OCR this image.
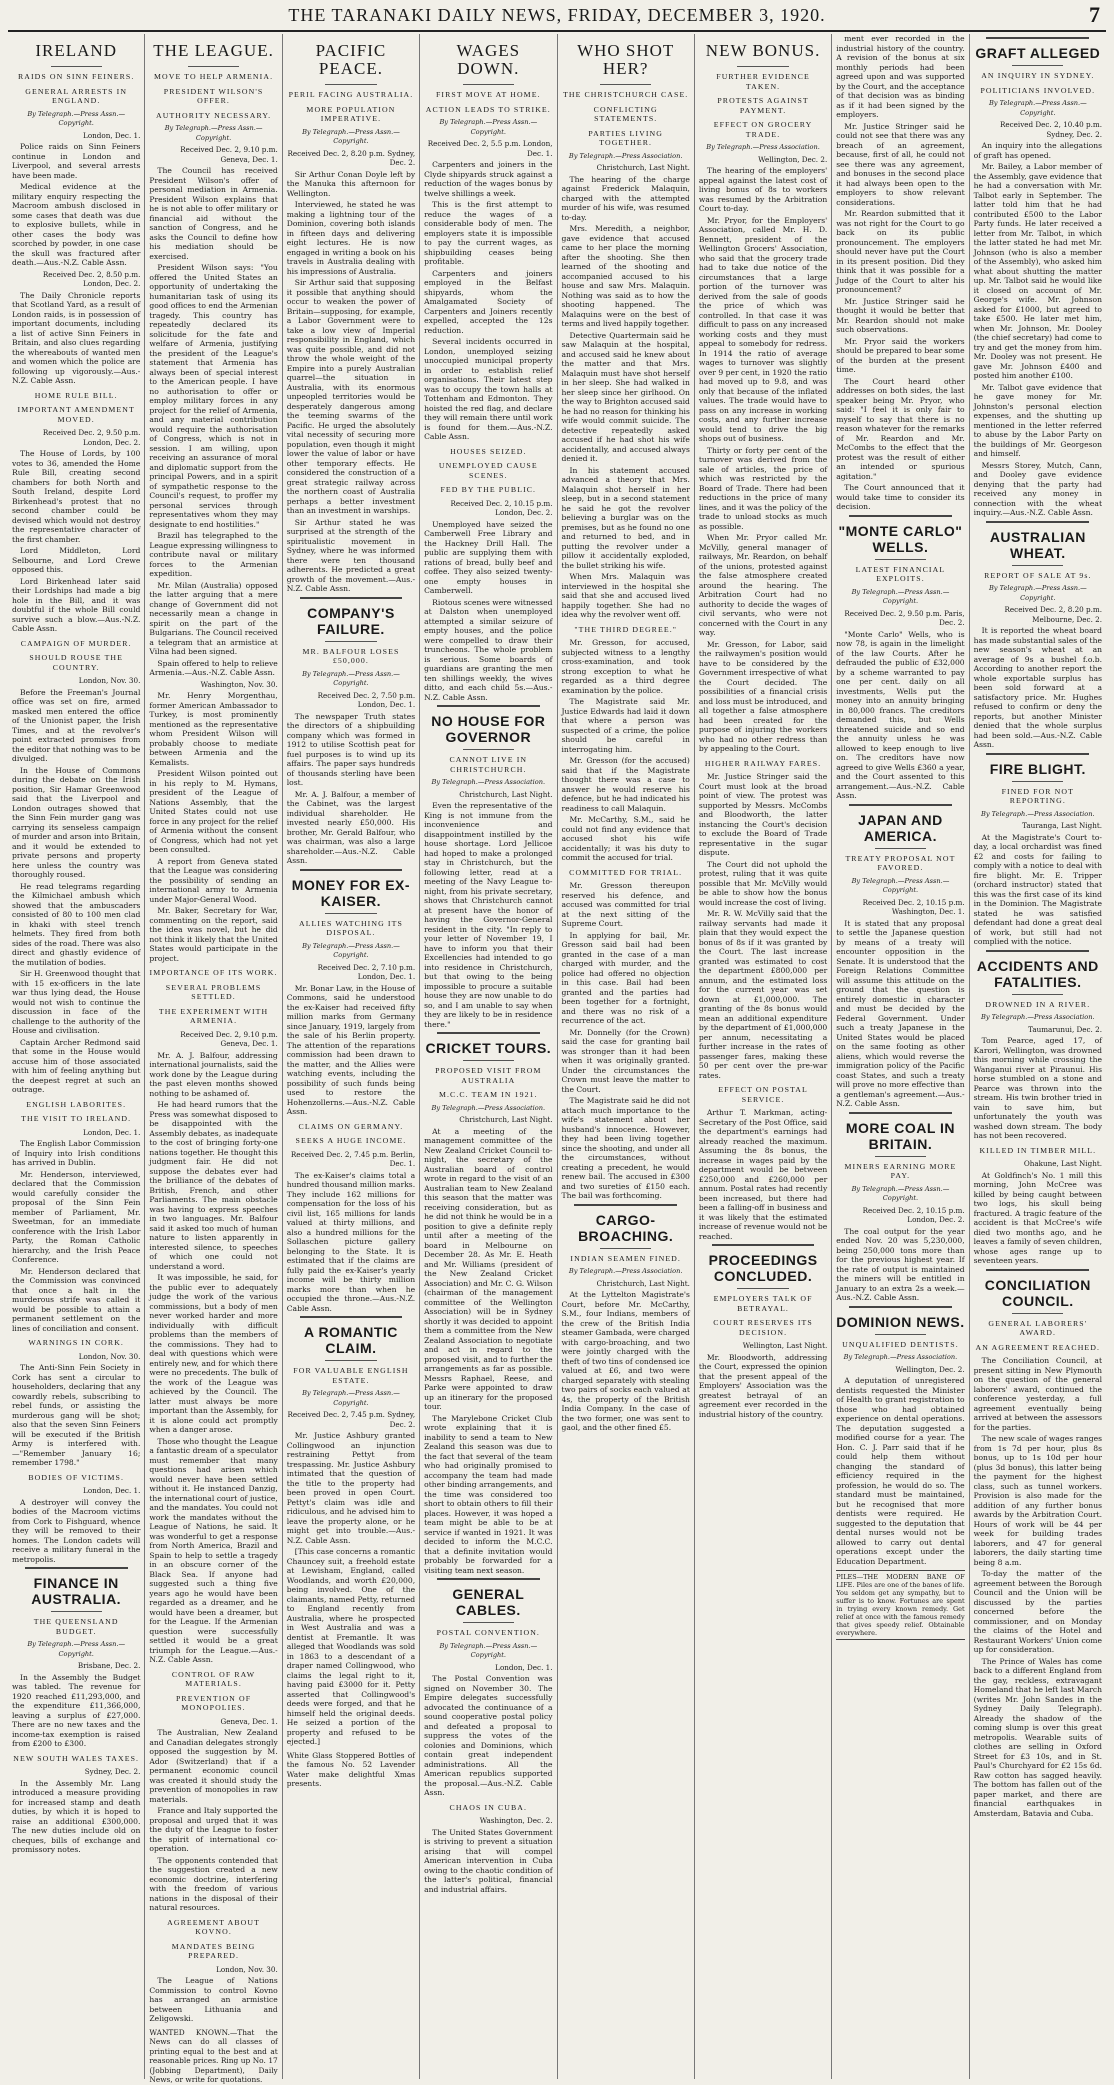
THE TARANAKI DAILY NEWS, FRIDAY, DECEMBER 3, 1920.	7
IRELAND
RAIDS ON SINN FEINERS.
GENERAL ARRESTS IN ENGLAND.
By Telegraph.—Press Assn.—Copyright.
London, Dec. 1.

Police raids on Sinn Feiners continue in London and Liverpool, and several arrests have been made.

Medical evidence at the military enquiry respecting the Macroom ambush disclosed in some cases that death was due to explosive bullets, while in other cases the body was scorched by powder, in one case the skull was fractured after death.—Aus.-N.Z. Cable Assn.

Received Dec. 2, 8.50 p.m. London, Dec. 2.

The Daily Chronicle reports that Scotland Yard, as a result of London raids, is in possession of important documents, including a list of active Sinn Feiners in Britain, and also clues regarding the whereabouts of wanted men and women which the police are following up vigorously.—Aus.-N.Z. Cable Assn.

HOME RULE BILL.
IMPORTANT AMENDMENT MOVED.
Received Dec. 2, 9.50 p.m. London, Dec. 2.

The House of Lords, by 100 votes to 36, amended the Home Rule Bill, creating second chambers for both North and South Ireland, despite Lord Birkenhead's protest that no second chamber could be devised which would not destroy the representative character of the first chamber.

Lord Middleton, Lord Selbourne, and Lord Crewe opposed this.

Lord Birkenhead later said their Lordships had made a big hole in the Bill, and it was doubtful if the whole Bill could survive such a blow.—Aus.-N.Z. Cable Assn.

CAMPAIGN OF MURDER.
SHOULD ROUSE THE COUNTRY.
London, Nov. 30.

Before the Freeman's Journal office was set on fire, armed masked men entered the office of the Unionist paper, the Irish Times, and at the revolver's point extracted promises from the editor that nothing was to be divulged.

In the House of Commons during the debate on the Irish position, Sir Hamar Greenwood said that the Liverpool and London outrages showed that the Sinn Fein murder gang was carrying its senseless campaign of murder and arson into Britain, and it would be extended to private persons and property here unless the country was thoroughly roused.

He read telegrams regarding the Kilmichael ambush which showed that the ambuscaders consisted of 80 to 100 men clad in khaki with steel trench helmets. They fired from both sides of the road. There was also direct and ghastly evidence of the mutilation of bodies.

Sir H. Greenwood thought that with 15 ex-officers in the late war thus lying dead, the House would not wish to continue the discussion in face of the challenge to the authority of the House and civilisation.

Captain Archer Redmond said that some in the House would accuse him of those associated with him of feeling anything but the deepest regret at such an outrage.

ENGLISH LABORITES.
THE VISIT TO IRELAND.
London, Dec. 1.

The English Labor Commission of Inquiry into Irish conditions has arrived in Dublin.

Mr. Henderson, interviewed, declared that the Commission would carefully consider the proposal of the Sinn Fein member of Parliament, Mr. Sweetman, for an immediate conference with the Irish Labor Party, the Roman Catholic hierarchy, and the Irish Peace Conference.

Mr. Henderson declared that the Commission was convinced that once a halt in the murderous strife was called it would be possible to attain a permanent settlement on the lines of conciliation and consent.

WARNINGS IN CORK.
London, Nov. 30.

The Anti-Sinn Fein Society in Cork has sent a circular to householders, declaring that any cowardly rebels, subscribing to rebel funds, or assisting the murderous gang will be shot; also that the seven Sinn Feiners will be executed if the British Army is interfered with. —"Remember January 16; remember 1798."

BODIES OF VICTIMS.
London, Dec. 1.

A destroyer will convey the bodies of the Macroom victims from Cork to Fishguard, whence they will be removed to their homes. The London cadets will receive a military funeral in the metropolis.

FINANCE IN AUSTRALIA.
THE QUEENSLAND BUDGET.
By Telegraph.—Press Assn.—Copyright.
Brisbane, Dec. 2.

In the Assembly the Budget was tabled. The revenue for 1920 reached £11,293,000, and the expenditure £11,366,000, leaving a surplus of £27,000. There are no new taxes and the income-tax exemption is raised from £200 to £300.

NEW SOUTH WALES TAXES.
Sydney, Dec. 2.

In the Assembly Mr. Lang introduced a measure providing for increased stamp and death duties, by which it is hoped to raise an additional £300,000. The new duties include old on cheques, bills of exchange and promissory notes.

THE LEAGUE.
MOVE TO HELP ARMENIA.
PRESIDENT WILSON'S OFFER.
AUTHORITY NECESSARY.
By Telegraph.—Press Assn.—Copyright.
Received Dec. 2, 9.10 p.m. Geneva, Dec. 1.

The Council has received President Wilson's offer of personal mediation in Armenia. President Wilson explains that he is not able to offer military or financial aid without the sanction of Congress, and he asks the Council to define how his mediation should be exercised.

President Wilson says: "You offered the United States an opportunity of undertaking the humanitarian task of using its good offices to end the Armenian tragedy. This country has repeatedly declared its solicitude for the fate and welfare of Armenia, justifying the president of the League's statement that Armenia has always been of special interest to the American people. I have no authorisation to offer or employ military forces in any project for the relief of Armenia, and any material contribution would require the authorisation of Congress, which is not in session. I am willing, upon receiving an assurance of moral and diplomatic support from the principal Powers, and in a spirit of sympathetic response to the Council's request, to proffer my personal services through representatives whom they may designate to end hostilities."

Brazil has telegraphed to the League expressing willingness to contribute naval or military forces to the Armenian expedition.

Mr. Milan (Australia) opposed the latter arguing that a mere change of Government did not necessarily mean a change in spirit on the part of the Bulgarians. The Council received a telegram that an armistice at Vilna had been signed.

Spain offered to help to relieve Armenia.—Aus.-N.Z. Cable Assn.

Washington, Nov. 30.

Mr. Henry Morgenthau, former American Ambassador to Turkey, is most prominently mentioned as the representative whom President Wilson will probably choose to mediate between Armenia and the Kemalists.

President Wilson pointed out in his reply to M. Hymans, president of the League of Nations Assembly, that the United States could not use force in any project for the relief of Armenia without the consent of Congress, which had not yet been consulted.

A report from Geneva stated that the League was considering the possibility of sending an international army to Armenia under Major-General Wood.

Mr. Baker, Secretary for War, commenting on the report, said the idea was novel, but he did not think it likely that the United States would participate in the project.

IMPORTANCE OF ITS WORK.
SEVERAL PROBLEMS SETTLED.
THE EXPERIMENT WITH ARMENIA.
Received Dec. 2, 9.10 p.m. Geneva, Dec. 1.

Mr. A. J. Balfour, addressing international journalists, said the work done by the League during the past eleven months showed nothing to be ashamed of.

He had heard rumors that the Press was somewhat disposed to be disappointed with the Assembly debates, as inadequate to the cost of bringing forty-one nations together. He thought this judgment fair. He did not suppose the debates ever had the brilliance of the debates of British, French, and other Parliaments. The main obstacle was having to express speeches in two languages. Mr. Balfour said it asked too much of human nature to listen apparently in interested silence, to speeches of which one could not understand a word.

It was impossible, he said, for the public ever to adequately judge the work of the various commissions, but a body of men never worked harder and more individually with difficult problems than the members of the commissions. They had to deal with questions which were entirely new, and for which there were no precedents. The bulk of the work of the League was achieved by the Council. The latter must always be more important than the Assembly, for it is alone could act promptly when a danger arose.

Those who thought the League a fantastic dream of a speculator must remember that many questions had arisen which would never have been settled without it. He instanced Danzig, the international court of justice, and the mandates. You could not work the mandates without the League of Nations, he said. It was wonderful to get a response from North America, Brazil and Spain to help to settle a tragedy in an obscure corner of the Black Sea. If anyone had suggested such a thing five years ago he would have been regarded as a dreamer, and he would have been a dreamer, but for the League. If the Armenian question were successfully settled it would be a great triumph for the League.—Aus.-N.Z. Cable Assn.

CONTROL OF RAW MATERIALS.
PREVENTION OF MONOPOLIES.
Geneva, Dec. 1.

The Australian, New Zealand and Canadian delegates strongly opposed the suggestion by M. Ador (Switzerland) that if a permanent economic council was created it should study the prevention of monopolies in raw materials.

France and Italy supported the proposal and urged that it was the duty of the League to foster the spirit of international co-operation.

The opponents contended that the suggestion created a new economic doctrine, interfering with the freedom of various nations in the disposal of their natural resources.

AGREEMENT ABOUT KOVNO.
MANDATES BEING PREPARED.
London, Nov. 30.

The League of Nations Commission to control Kovno has arranged an armistice between Lithuania and Zeligowski.

WANTED KNOWN.—That the News can do all classes of printing equal to the best and at reasonable prices. Ring up No. 17 (Jobbing Department), Daily News, or write for quotations.
PACIFIC PEACE.
PERIL FACING AUSTRALIA.
MORE POPULATION IMPERATIVE.
By Telegraph.—Press Assn.—Copyright.
Received Dec. 2, 8.20 p.m. Sydney, Dec. 2.

Sir Arthur Conan Doyle left by the Manuka this afternoon for Wellington.

Interviewed, he stated he was making a lightning tour of the Dominion, covering both islands in fifteen days and delivering eight lectures. He is now engaged in writing a book on his travels in Australia dealing with his impressions of Australia.

Sir Arthur said that supposing it possible that anything should occur to weaken the power of Britain—supposing, for example, a Labor Government were to take a low view of Imperial responsibility in England, which was quite possible, and did not throw the whole weight of the Empire into a purely Australian quarrel—the situation in Australia, with its enormous unpeopled territories would be desperately dangerous among the teeming swarms of the Pacific. He urged the absolutely vital necessity of securing more population, even though it might lower the value of labor or have other temporary effects. He considered the construction of a great strategic railway across the northern coast of Australia perhaps a better investment than an investment in warships.

Sir Arthur stated he was surprised at the strength of the spiritualistic movement in Sydney, where he was informed there were ten thousand adherents. He predicted a great growth of the movement.—Aus.-N.Z. Cable Assn.

COMPANY'S FAILURE.
MR. BALFOUR LOSES £50,000.
By Telegraph.—Press Assn.—Copyright.
Received Dec. 2, 7.50 p.m. London, Dec. 1.

The newspaper Truth states the directors of a shipbuilding company which was formed in 1912 to utilise Scottish peat for fuel purposes is to wind up its affairs. The paper says hundreds of thousands sterling have been lost.

Mr. A. J. Balfour, a member of the Cabinet, was the largest individual shareholder. He invested nearly £50,000. His brother, Mr. Gerald Balfour, who was chairman, was also a large shareholder.—Aus.-N.Z. Cable Assn.

MONEY FOR EX-KAISER.
ALLIES WATCHING ITS DISPOSAL.
By Telegraph.—Press Assn.—Copyright.
Received Dec. 2, 7.10 p.m. London, Dec. 1.

Mr. Bonar Law, in the House of Commons, said he understood the ex-Kaiser had received fifty million marks from Germany since January, 1919, largely from the sale of his Berlin property. The attention of the reparations commission had been drawn to the matter, and the Allies were watching events, including the possibility of such funds being used to restore the Hohenzollerns.—Aus.-N.Z. Cable Assn.

CLAIMS ON GERMANY.
SEEKS A HUGE INCOME.
Received Dec. 2, 7.45 p.m. Berlin, Dec. 1.

The ex-Kaiser's claims total a hundred thousand million marks. They include 162 millions for compensation for the loss of his civil list, 165 millions for lands valued at thirty millions, and also a hundred millions for the Sollaschen picture gallery belonging to the State. It is estimated that if the claims are fully paid the ex-Kaiser's yearly income will be thirty million marks more than when he occupied the throne.—Aus.-N.Z. Cable Assn.

A ROMANTIC CLAIM.
FOR VALUABLE ENGLISH ESTATE.
By Telegraph.—Press Assn.—Copyright.
Received Dec. 2, 7.45 p.m. Sydney, Dec. 2.

Mr. Justice Ashbury granted Collingwood an injunction restraining Pettyt from trespassing. Mr. Justice Ashbury intimated that the question of the title to the property had been proved in open Court. Pettyt's claim was idle and ridiculous, and he advised him to leave the property alone, or he might get into trouble.—Aus.-N.Z. Cable Assn.

[This case concerns a romantic Chauncey suit, a freehold estate at Lewisham, England, called Woodlands, and worth £20,000, being involved. One of the claimants, named Petty, returned to England recently from Australia, where he prospected in West Australia and was a dentist at Fremantle. It was alleged that Woodlands was sold in 1863 to a descendant of a draper named Collingwood, who claims the legal right to it, having paid £3000 for it. Petty asserted that Collingwood's deeds were forged, and that he himself held the original deeds. He seized a portion of the property and refused to be ejected.]

White Glass Stoppered Bottles of the famous No. 52 Lavender Water make delightful Xmas presents.
WAGES DOWN.
FIRST MOVE AT HOME.
ACTION LEADS TO STRIKE.
By Telegraph.—Press Assn.—Copyright.
Received Dec. 2, 5.5 p.m. London, Dec. 1.

Carpenters and joiners in the Clyde shipyards struck against a reduction of the wages bonus by twelve shillings a week.

This is the first attempt to reduce the wages of a considerable body of men. The employers state it is impossible to pay the current wages, as shipbuilding ceases being profitable.

Carpenters and joiners employed in the Belfast shipyards, whom the Amalgamated Society of Carpenters and Joiners recently expelled, accepted the 12s reduction.

Several incidents occurred in London, unemployed seizing unoccupied municipal property in order to establish relief organisations. Their latest step was to occupy the town halls at Tottenham and Edmonton. They hoisted the red flag, and declare they will remain there until work is found for them.—Aus.-N.Z. Cable Assn.

HOUSES SEIZED.
UNEMPLOYED CAUSE SCENES.
FED BY THE PUBLIC.
Received Dec. 2, 10.15 p.m. London, Dec. 2.

Unemployed have seized the Camberwell Free Library and the Hackney Drill Hall. The public are supplying them with rations of bread, bully beef and coffee. They also seized twenty-one empty houses in Camberwell.

Riotous scenes were witnessed at Dalston when unemployed attempted a similar seizure of empty houses, and the police were compelled to draw their truncheons. The whole problem is serious. Some boards of guardians are granting the men ten shillings weekly, the wives ditto, and each child 5s.—Aus.-N.Z. Cable Assn.

NO HOUSE FOR GOVERNOR
CANNOT LIVE IN CHRISTCHURCH.
By Telegraph.—Press Association.
Christchurch, Last Night.

Even the representative of the King is not immune from the inconvenience and disappointment instilled by the house shortage. Lord Jellicoe had hoped to make a prolonged stay in Christchurch, but the following letter, read at a meeting of the Navy League to-night, from his private secretary, shows that Christchurch cannot at present have the honor of having the Governor-General resident in the city. "In reply to your letter of November 19, I have to inform you that their Excellencies had intended to go into residence in Christchurch, but that owing to the being impossible to procure a suitable house they are now unable to do so, and I am unable to say when they are likely to be in residence there."

CRICKET TOURS.
PROPOSED VISIT FROM AUSTRALIA
M.C.C. TEAM IN 1921.
By Telegraph.—Press Association.
Christchurch, Last Night.

At a meeting of the management committee of the New Zealand Cricket Council to-night, the secretary of the Australian board of control wrote in regard to the visit of an Australian team to New Zealand this season that the matter was receiving consideration, but as he did not think he would be in a position to give a definite reply until after a meeting of the board in Melbourne on December 28. As Mr. E. Heath and Mr. Williams (president of the New Zealand Cricket Association) and Mr. C. G. Wilson (chairman of the management committee of the Wellington Association) will be in Sydney shortly it was decided to appoint them a committee from the New Zealand Association to negotiate and act in regard to the proposed visit, and to further the arrangements as far as possible. Messrs Raphael, Reese, and Parke were appointed to draw up an itinerary for the proposed tour.

The Marylebone Cricket Club wrote explaining that it is inability to send a team to New Zealand this season was due to the fact that several of the team who had originally promised to accompany the team had made other binding arrangements, and the time was considered too short to obtain others to fill their places. However, it was hoped a team might be able to be at service if wanted in 1921. It was decided to inform the M.C.C. that a definite invitation would probably be forwarded for a visiting team next season.

GENERAL CABLES.
POSTAL CONVENTION.
By Telegraph.—Press Assn.—Copyright.
London, Dec. 1.

The Postal Convention was signed on November 30. The Empire delegates successfully advocated the continuance of a sound cooperative postal policy and defeated a proposal to suppress the votes of the colonies and Dominions, which contain great independent administrations. All the American republics supported the proposal.—Aus.-N.Z. Cable Assn.

CHAOS IN CUBA.
Washington, Dec. 2.

The United States Government is striving to prevent a situation arising that will compel American intervention in Cuba owing to the chaotic condition of the latter's political, financial and industrial affairs.

WHO SHOT HER?
THE CHRISTCHURCH CASE.
CONFLICTING STATEMENTS.
PARTIES LIVING TOGETHER.
By Telegraph.—Press Association.
Christchurch, Last Night.

The hearing of the charge against Frederick Malaquin, charged with the attempted murder of his wife, was resumed to-day.

Mrs. Meredith, a neighbor, gave evidence that accused came to her place the morning after the shooting. She then learned of the shooting and accompanied accused to his house and saw Mrs. Malaquin. Nothing was said as to how the shooting happened. The Malaquins were on the best of terms and lived happily together.

Detective Quartermain said he saw Malaquin at the hospital, and accused said he knew about the matter and that Mrs. Malaquin must have shot herself in her sleep. She had walked in her sleep since her girlhood. On the way to Brighton accused said he had no reason for thinking his wife would commit suicide. The detective repeatedly asked accused if he had shot his wife accidentally, and accused always denied it.

In his statement accused advanced a theory that Mrs. Malaquin shot herself in her sleep, but in a second statement he said he got the revolver believing a burglar was on the premises, but as he found no one and returned to bed, and in putting the revolver under a pillow it accidentally exploded, the bullet striking his wife.

When Mrs. Malaquin was interviewed in the hospital she said that she and accused lived happily together. She had no idea why the revolver went off.

"THE THIRD DEGREE."

Mr. Gresson, for accused, subjected witness to a lengthy cross-examination, and took strong exception to what he regarded as a third degree examination by the police.

The Magistrate said Mr. Justice Edwards had laid it down that where a person was suspected of a crime, the police should be careful in interrogating him.

Mr. Gresson (for the accused) said that if the Magistrate thought there was a case to answer he would reserve his defence, but he had indicated his readiness to call Malaquin.

Mr. McCarthy, S.M., said he could not find any evidence that accused shot his wife accidentally; it was his duty to commit the accused for trial.

COMMITTED FOR TRIAL.

Mr. Gresson thereupon reserved his defence, and accused was committed for trial at the next sitting of the Supreme Court.

In applying for bail, Mr. Gresson said bail had been granted in the case of a man charged with murder, and the police had offered no objection in this case. Bail had been granted and the parties had been together for a fortnight, and there was no risk of a recurrence of the act.

Mr. Donnelly (for the Crown) said the case for granting bail was stronger than it had been when it was originally granted. Under the circumstances the Crown must leave the matter to the Court.

The Magistrate said he did not attach much importance to the wife's statement about her husband's innocence. However, they had been living together since the shooting, and under all the circumstances, without creating a precedent, he would renew bail. The accused in £300 and two sureties of £150 each. The bail was forthcoming.

CARGO-BROACHING.
INDIAN SEAMEN FINED.
By Telegraph.—Press Association.
Christchurch, Last Night.

At the Lyttelton Magistrate's Court, before Mr. McCarthy, S.M., four Indians, members of the crew of the British India steamer Gambada, were charged with cargo-broaching, and two were jointly charged with the theft of two tins of condensed ice valued at £6, and two were charged separately with stealing two pairs of socks each valued at 4s, the property of the British India Company. In the case of the two former, one was sent to gaol, and the other fined £5.

NEW BONUS.
FURTHER EVIDENCE TAKEN.
PROTESTS AGAINST PAYMENT.
EFFECT ON GROCERY TRADE.
By Telegraph.—Press Association.
Wellington, Dec. 2.

The hearing of the employers' appeal against the latest cost of living bonus of 8s to workers was resumed by the Arbitration Court to-day.

Mr. Pryor, for the Employers' Association, called Mr. H. D. Bennett, president of the Wellington Grocers' Association, who said that the grocery trade had to take due notice of the circumstances that a large portion of the turnover was derived from the sale of goods the price of which was controlled. In that case it was difficult to pass on any increased working costs and they must appeal to somebody for redress. In 1914 the ratio of average wages to turnover was slightly over 9 per cent, in 1920 the ratio had moved up to 9.8, and was only that because of the inflated values. The trade would have to pass on any increase in working costs, and any further increase would tend to drive the big shops out of business.

Thirty or forty per cent of the turnover was derived from the sale of articles, the price of which was restricted by the Board of Trade. There had been reductions in the price of many lines, and it was the policy of the trade to unload stocks as much as possible.

When Mr. Pryor called Mr. McVilly, general manager of railways, Mr. Reardon, on behalf of the unions, protested against the false atmosphere created around the hearing. The Arbitration Court had no authority to decide the wages of civil servants, who were not concerned with the Court in any way.

Mr. Gresson, for Labor, said the railwaymen's position would have to be considered by the Government irrespective of what the Court decided. The possibilities of a financial crisis and loss must be introduced, and all together a false atmosphere had been created for the purpose of injuring the workers who had no other redress than by appealing to the Court.

HIGHER RAILWAY FARES.

Mr. Justice Stringer said the Court must look at the broad point of view. The protest was supported by Messrs. McCombs and Bloodworth, the latter instancing the Court's decision to exclude the Board of Trade representative in the sugar dispute.

The Court did not uphold the protest, ruling that it was quite possible that Mr. McVilly would be able to show how the bonus would increase the cost of living.

Mr. R. W. McVilly said that the railway servants had made it plain that they would expect the bonus of 8s if it was granted by the Court. The last increase granted was estimated to cost the department £800,000 per annum, and the estimated loss for the current year was set down at £1,000,000. The granting of the 8s bonus would mean an additional expenditure by the department of £1,000,000 per annum, necessitating a further increase in the rates of passenger fares, making these 50 per cent over the pre-war rates.

EFFECT ON POSTAL SERVICE.

Arthur T. Markman, acting-Secretary of the Post Office, said the department's earnings had already reached the maximum. Assuming the 8s bonus, the increase in wages paid by the department would be between £250,000 and £260,000 per annum. Postal rates had recently been increased, but there had been a falling-off in business and it was likely that the estimated increase of revenue would not be reached.

PROCEEDINGS CONCLUDED.
EMPLOYERS TALK OF BETRAYAL.
COURT RESERVES ITS DECISION.
Wellington, Last Night.

Mr. Bloodworth, addressing the Court, expressed the opinion that the present appeal of the Employers' Association was the greatest betrayal of an agreement ever recorded in the industrial history of the country.

ment ever recorded in the industrial history of the country. A revision of the bonus at six monthly periods had been agreed upon and was supported by the Court, and the acceptance of that decision was as binding as if it had been signed by the employers.

Mr. Justice Stringer said he could not see that there was any breach of an agreement, because, first of all, he could not see there was any agreement, and bonuses in the second place it had always been open to the employers to show relevant considerations.

Mr. Reardon submitted that it was not right for the Court to go back on its public pronouncement. The employers should never have put the Court in its present position. Did they think that it was possible for a Judge of the Court to alter his pronouncement?

Mr. Justice Stringer said he thought it would be better that Mr. Reardon should not make such observations.

Mr. Pryor said the workers should be prepared to bear some of the burden at the present time.

The Court heard other addresses on both sides, the last speaker being Mr. Pryor, who said: "I feel it is only fair to myself to say that there is no reason whatever for the remarks of Mr. Reardon and Mr. McCombs to the effect that the protest was the result of either an intended or spurious agitation."

The Court announced that it would take time to consider its decision.

"MONTE CARLO" WELLS.
LATEST FINANCIAL EXPLOITS.
By Telegraph.—Press Assn.—Copyright.
Received Dec. 2, 9.50 p.m. Paris, Dec. 2.

"Monte Carlo" Wells, who is now 78, is again in the limelight of the law Courts. After he defrauded the public of £32,000 by a scheme warranted to pay one per cent. daily on all investments, Wells put the money into an annuity bringing in 80,000 francs. The creditors demanded this, but Wells threatened suicide and so end the annuity unless he was allowed to keep enough to live on. The creditors have now agreed to give Wells £360 a year, and the Court assented to this arrangement.—Aus.-N.Z. Cable Assn.

JAPAN AND AMERICA.
TREATY PROPOSAL NOT FAVORED.
By Telegraph.—Press Assn.—Copyright.
Received Dec. 2, 10.15 p.m. Washington, Dec. 1.

It is stated that any proposal to settle the Japanese question by means of a treaty will encounter opposition in the Senate. It is understood that the Foreign Relations Committee will assume this attitude on the ground that the question is entirely domestic in character and must be decided by the Federal Government. Under such a treaty Japanese in the United States would be placed on the same footing as other aliens, which would reverse the immigration policy of the Pacific coast States, and such a treaty will prove no more effective than a gentleman's agreement.—Aus.-N.Z. Cable Assn.

MORE COAL IN BRITAIN.
MINERS EARNING MORE PAY.
By Telegraph.—Press Assn.—Copyright.
Received Dec. 2, 10.15 p.m. London, Dec. 2.

The coal output for the year ended Nov. 20 was 5,230,000, being 250,000 tons more than for the previous highest year. If the rate of output is maintained the miners will be entitled in January to an extra 2s a week.—Aus.-N.Z. Cable Assn.

DOMINION NEWS.
UNQUALIFIED DENTISTS.
By Telegraph.—Press Association.
Wellington, Dec. 2.

A deputation of unregistered dentists requested the Minister of Health to grant registration to those who had obtained experience on dental operations. The deputation suggested a modified course for a year. The Hon. C. J. Parr said that if he could help them without changing the standard of efficiency required in the profession, he would do so. The standard must be maintained, but he recognised that more dentists were required. He suggested to the deputation that dental nurses would not be allowed to carry out dental operations except under the Education Department.

PILES—THE MODERN BANE OF LIFE. Piles are one of the banes of life. You seldom get any sympathy, but to suffer is to know. Fortunes are spent in trying every known remedy. Get relief at once with the famous remedy that gives speedy relief. Obtainable everywhere.
GRAFT ALLEGED
AN INQUIRY IN SYDNEY.
POLITICIANS INVOLVED.
By Telegraph.—Press Assn.—Copyright.
Received Dec. 2, 10.40 p.m. Sydney, Dec. 2.

An inquiry into the allegations of graft has opened.

Mr. Bailey, a Labor member of the Assembly, gave evidence that he had a conversation with Mr. Talbot early in September. The latter told him that he had contributed £500 to the Labor Party funds. He later received a letter from Mr. Talbot, in which the latter stated he had met Mr. Johnson (who is also a member of the Assembly), who asked him what about shutting the matter up. Mr. Talbot said he would like it closed on account of Mr. George's wife. Mr. Johnson asked for £1000, but agreed to take £500. He later met him, when Mr. Johnson, Mr. Dooley (the chief secretary) had come to try and get the money from him. Mr. Dooley was not present. He gave Mr. Johnson £400 and posted him another £100.

Mr. Talbot gave evidence that he gave money for Mr. Johnston's personal election expenses, and the shutting up mentioned in the letter referred to abuse by the Labor Party on the buildings of Mr. Georgeson and himself.

Messrs Storey, Mutch, Cann, and Dooley gave evidence denying that the party had received any money in connection with the wheat inquiry.—Aus.-N.Z. Cable Assn.

AUSTRALIAN WHEAT.
REPORT OF SALE AT 9s.
By Telegraph.—Press Assn.—Copyright.
Received Dec. 2, 8.20 p.m. Melbourne, Dec. 2.

It is reported the wheat board has made substantial sales of the new season's wheat at an average of 9s a bushel f.o.b. According to another report the whole exportable surplus has been sold forward at a satisfactory price. Mr. Hughes refused to confirm or deny the reports, but another Minister denied that the whole surplus had been sold.—Aus.-N.Z. Cable Assn.

FIRE BLIGHT.
FINED FOR NOT REPORTING.
By Telegraph.—Press Association.
Tauranga, Last Night.

At the Magistrate's Court to-day, a local orchardist was fined £2 and costs for failing to comply with a notice to deal with fire blight. Mr. E. Tripper (orchard instructor) stated that this was the first case of its kind in the Dominion. The Magistrate stated he was satisfied defendant had done a great deal of work, but still had not complied with the notice.

ACCIDENTS AND FATALITIES.
DROWNED IN A RIVER.
By Telegraph.—Press Association.
Taumarunui, Dec. 2.

Tom Pearce, aged 17, of Karori, Wellington, was drowned this morning while crossing the Wanganui river at Piraunui. His horse stumbled on a stone and Pearce was thrown into the stream. His twin brother tried in vain to save him, but unfortunately the youth was washed down stream. The body has not been recovered.

KILLED IN TIMBER MILL.
Ohakune, Last Night.

At Goldfinch's No. 1 mill this morning, John McCree was killed by being caught between two logs, his skull being fractured. A tragic feature of the accident is that McCree's wife died two months ago, and he leaves a family of seven children, whose ages range up to seventeen years.

CONCILIATION COUNCIL.
GENERAL LABORERS' AWARD.
AN AGREEMENT REACHED.

The Conciliation Council, at present sitting in New Plymouth on the question of the general laborers' award, continued the conference yesterday, a full agreement eventually being arrived at between the assessors for the parties.

The new scale of wages ranges from 1s 7d per hour, plus 8s bonus, up to 1s 10d per hour (plus 3d bonus), this latter being the payment for the highest class, such as tunnel workers. Provision is also made for the addition of any further bonus awards by the Arbitration Court. Hours of work will be 44 per week for building trades laborers, and 47 for general laborers, the daily starting time being 8 a.m.

To-day the matter of the agreement between the Borough Council and the Union will be discussed by the parties concerned before the commissioner, and on Monday the claims of the Hotel and Restaurant Workers' Union come up for consideration.

The Prince of Wales has come back to a different England from the gay, reckless, extravagant Homeland that he left last March (writes Mr. John Sandes in the Sydney Daily Telegraph). Already the shadow of the coming slump is over this great metropolis. Wearable suits of clothes are selling in Oxford Street for £3 10s, and in St. Paul's Churchyard for £2 15s 6d. Raw cotton has sagged heavily. The bottom has fallen out of the paper market, and there are financial earthquakes in Amsterdam, Batavia and Cuba.
